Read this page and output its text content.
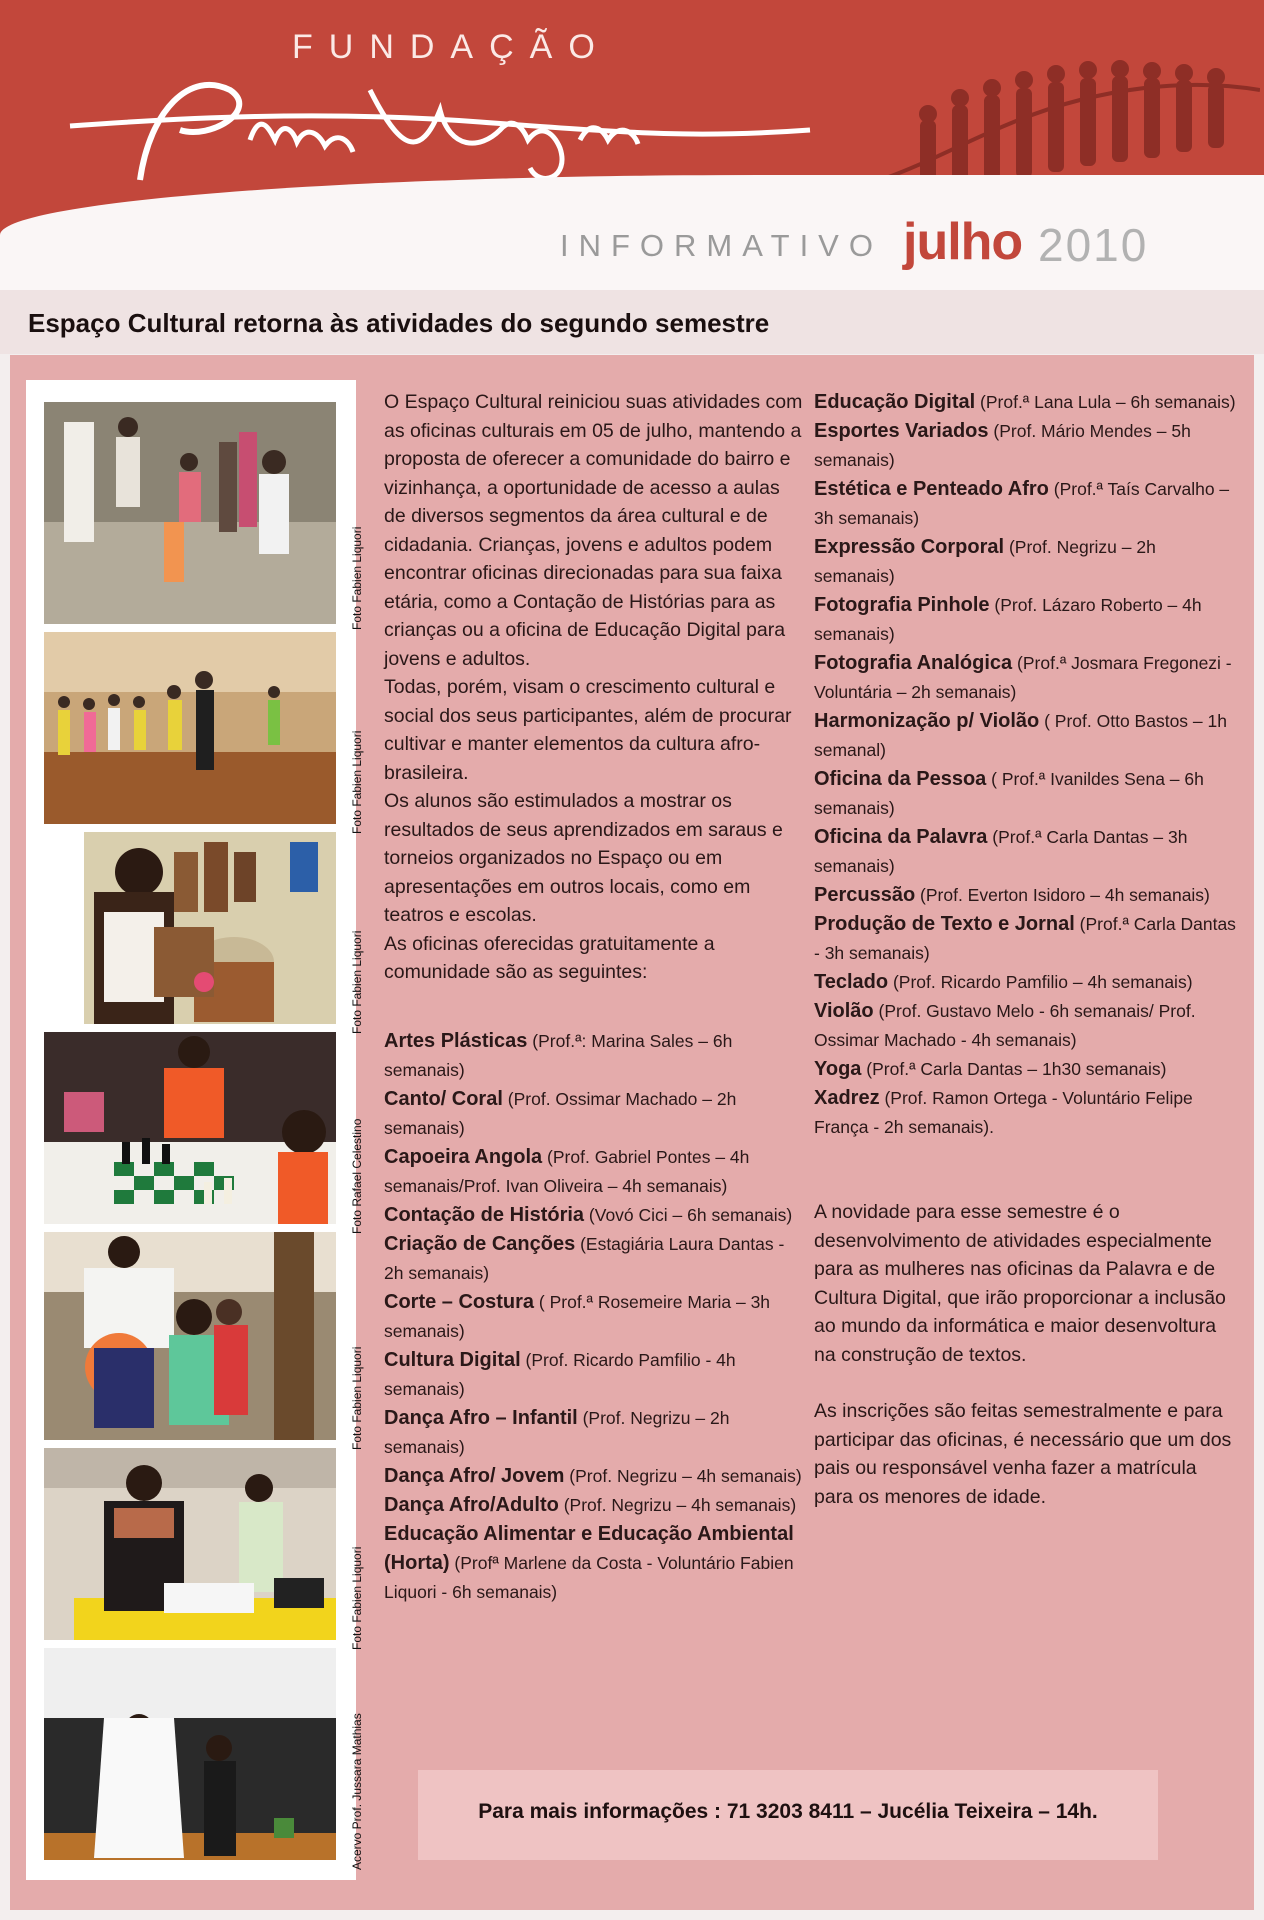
FUNDAÇÃO
INFORMATIVO julho 2010
Espaço Cultural retorna às atividades do segundo semestre
Foto Fabien Liquori
Foto Fabien Liquori
Foto Fabien Liquori
Foto Rafael Celestino
Foto Fabien Liquori
Foto Fabien Liquori
Acervo Prof. Jussara Mathias

O Espaço Cultural reiniciou suas atividades com as oficinas culturais em 05 de julho, mantendo a proposta de oferecer a comunidade do bairro e vizinhança, a oportunidade de acesso a aulas de diversos segmentos da área cultural e de cidadania. Crianças, jovens e adultos podem encontrar oficinas direcionadas para sua faixa etária, como a Contação de Histórias para as crianças ou a oficina de Educação Digital para jovens e adultos.

Todas, porém, visam o crescimento cultural e social dos seus participantes, além de procurar cultivar e manter elementos da cultura afro-brasileira.

Os alunos são estimulados a mostrar os resultados de seus aprendizados em saraus e torneios organizados no Espaço ou em apresentações em outros locais, como em teatros e escolas.

As oficinas oferecidas gratuitamente a comunidade são as seguintes:

Artes Plásticas (Prof.ª: Marina Sales – 6h semanais)

Canto/ Coral (Prof. Ossimar Machado – 2h semanais)

Capoeira Angola (Prof. Gabriel Pontes – 4h semanais/Prof. Ivan Oliveira – 4h semanais)

Contação de História (Vovó Cici – 6h semanais)

Criação de Canções (Estagiária Laura Dantas - 2h semanais)

Corte – Costura ( Prof.ª Rosemeire Maria – 3h semanais)

Cultura Digital (Prof. Ricardo Pamfilio - 4h semanais)

Dança Afro – Infantil (Prof. Negrizu – 2h semanais)

Dança Afro/ Jovem (Prof. Negrizu – 4h semanais)

Dança Afro/Adulto (Prof. Negrizu – 4h semanais)

Educação Alimentar e Educação Ambiental (Horta) (Profª Marlene da Costa - Voluntário Fabien Liquori - 6h semanais)

Educação Digital (Prof.ª Lana Lula – 6h semanais)

Esportes Variados (Prof. Mário Mendes – 5h semanais)

Estética e Penteado Afro (Prof.ª Taís Carvalho – 3h semanais)

Expressão Corporal (Prof. Negrizu – 2h semanais)

Fotografia Pinhole (Prof. Lázaro Roberto – 4h semanais)

Fotografia Analógica (Prof.ª Josmara Fregonezi - Voluntária – 2h semanais)

Harmonização p/ Violão ( Prof. Otto Bastos – 1h semanal)

Oficina da Pessoa ( Prof.ª Ivanildes Sena – 6h semanais)

Oficina da Palavra (Prof.ª Carla Dantas – 3h semanais)

Percussão (Prof. Everton Isidoro – 4h semanais)

Produção de Texto e Jornal (Prof.ª Carla Dantas - 3h semanais)

Teclado (Prof. Ricardo Pamfilio – 4h semanais)

Violão (Prof. Gustavo Melo - 6h semanais/ Prof. Ossimar Machado - 4h semanais)

Yoga (Prof.ª Carla Dantas – 1h30 semanais)

Xadrez (Prof. Ramon Ortega - Voluntário Felipe França - 2h semanais).

A novidade para esse semestre é o desenvolvimento de atividades especialmente para as mulheres nas oficinas da Palavra e de Cultura Digital, que irão proporcionar a inclusão ao mundo da informática e maior desenvoltura na construção de textos.

As inscrições são feitas semestralmente e para participar das oficinas, é necessário que um dos pais ou responsável venha fazer a matrícula para os menores de idade.

Para mais informações : 71 3203 8411 – Jucélia Teixeira – 14h.
